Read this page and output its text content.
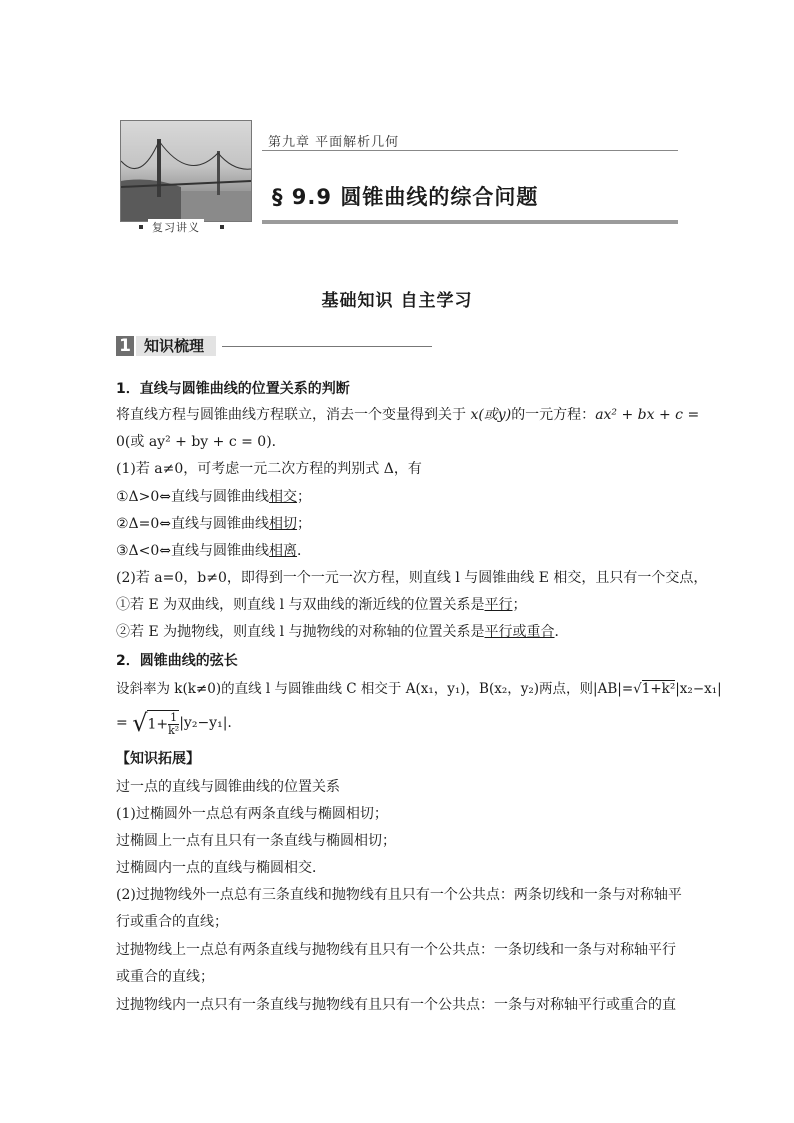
第九章 平面解析几何
§ 9.9 圆锥曲线的综合问题
复习讲义
基础知识 自主学习
1 知识梳理
1．直线与圆锥曲线的位置关系的判断
将直线方程与圆锥曲线方程联立，消去一个变量得到关于 x(或y)的一元方程：ax² + bx + c =
0(或 ay² + by + c = 0)．
(1)若 a≠0，可考虑一元二次方程的判别式 Δ，有
①Δ>0⇔直线与圆锥曲线相交；
②Δ=0⇔直线与圆锥曲线相切；
③Δ<0⇔直线与圆锥曲线相离．
(2)若 a=0，b≠0，即得到一个一元一次方程，则直线 l 与圆锥曲线 E 相交，且只有一个交点，
①若 E 为双曲线，则直线 l 与双曲线的渐近线的位置关系是平行；
②若 E 为抛物线，则直线 l 与抛物线的对称轴的位置关系是平行或重合．
2．圆锥曲线的弦长
设斜率为 k(k≠0)的直线 l 与圆锥曲线 C 相交于 A(x₁，y₁)，B(x₂，y₂)两点，则|AB|=√1+k²|x₂−x₁|
= $√1+ \frac{1}{\text{k²}} |y_2-y_1|$.
【知识拓展】
过一点的直线与圆锥曲线的位置关系
(1)过椭圆外一点总有两条直线与椭圆相切；
过椭圆上一点有且只有一条直线与椭圆相切；
过椭圆内一点的直线与椭圆相交．
(2)过抛物线外一点总有三条直线和抛物线有且只有一个公共点：两条切线和一条与对称轴平
行或重合的直线；
过抛物线上一点总有两条直线与抛物线有且只有一个公共点：一条切线和一条与对称轴平行
或重合的直线；
过抛物线内一点只有一条直线与抛物线有且只有一个公共点：一条与对称轴平行或重合的直
